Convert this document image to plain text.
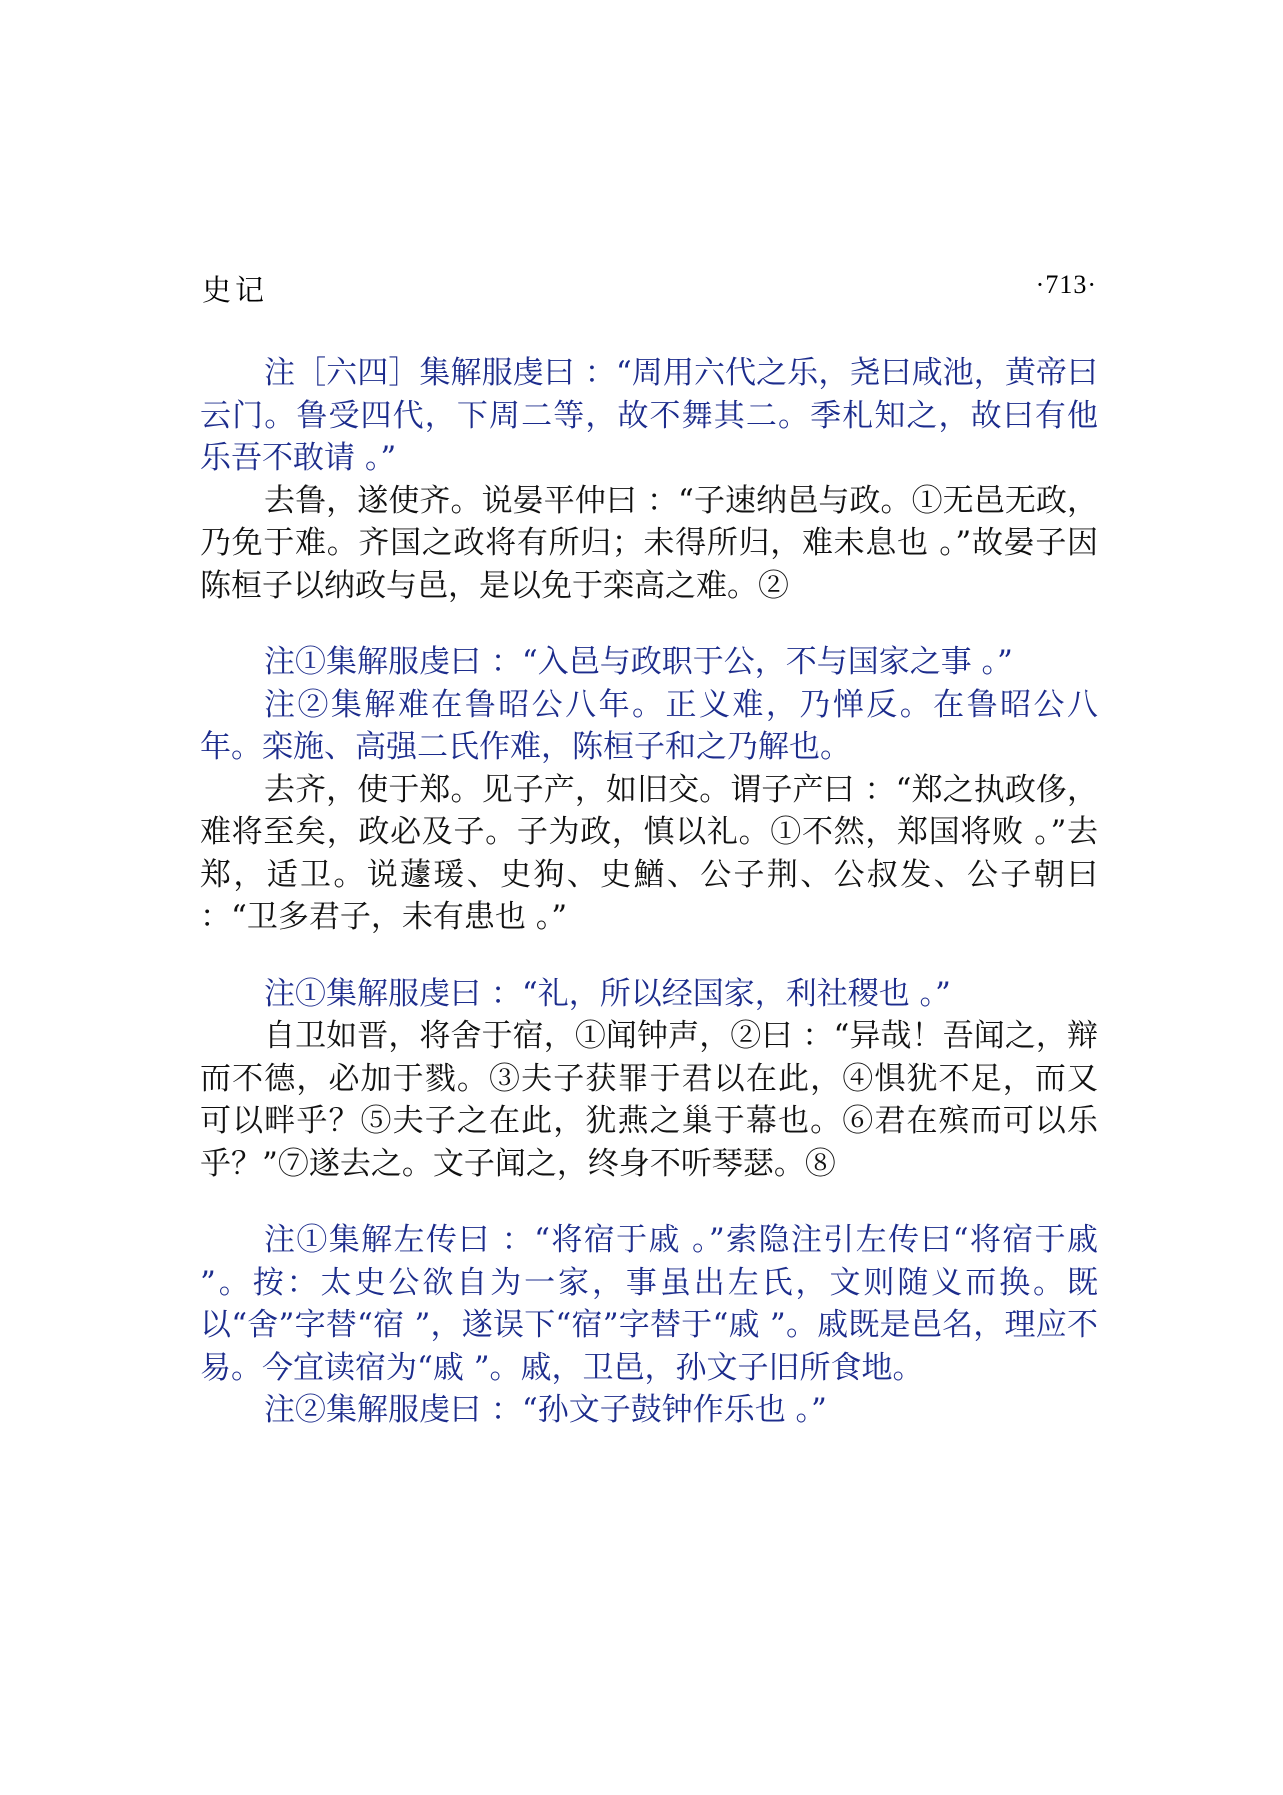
史记	·713·

注［六四］集解服虔曰 ：“周用六代之乐，尧曰咸池，黄帝曰云门。鲁受四代，下周二等，故不舞其二。季札知之，故曰有他乐吾不敢请 。”

去鲁，遂使齐。说晏平仲曰 ：“子速纳邑与政。①无邑无政，乃免于难。齐国之政将有所归；未得所归，难未息也 。”故晏子因陈桓子以纳政与邑，是以免于栾高之难。②

注①集解服虔曰 ：“入邑与政职于公，不与国家之事 。”

注②集解难在鲁昭公八年。正义难，乃惮反。在鲁昭公八年。栾施、高强二氏作难，陈桓子和之乃解也。

去齐，使于郑。见子产，如旧交。谓子产曰 ：“郑之执政侈，难将至矣，政必及子。子为政，慎以礼。①不然，郑国将败 。”去郑，适卫。说蘧瑗、史狗、史鰌、公子荆、公叔发、公子朝曰 ：“卫多君子，未有患也 。”

注①集解服虔曰 ：“礼，所以经国家，利社稷也 。”

自卫如晋，将舍于宿，①闻钟声，②曰 ：“异哉！吾闻之，辩而不德，必加于戮。③夫子获罪于君以在此，④惧犹不足，而又可以畔乎？⑤夫子之在此，犹燕之巢于幕也。⑥君在殡而可以乐乎？”⑦遂去之。文子闻之，终身不听琴瑟。⑧

注①集解左传曰 ：“将宿于戚 。”索隐注引左传曰“将宿于戚 ”。按：太史公欲自为一家，事虽出左氏，文则随义而换。既以“舍”字替“宿 ”，遂误下“宿”字替于“戚 ”。戚既是邑名，理应不易。今宜读宿为“戚 ”。戚，卫邑，孙文子旧所食地。

注②集解服虔曰 ：“孙文子鼓钟作乐也 。”
